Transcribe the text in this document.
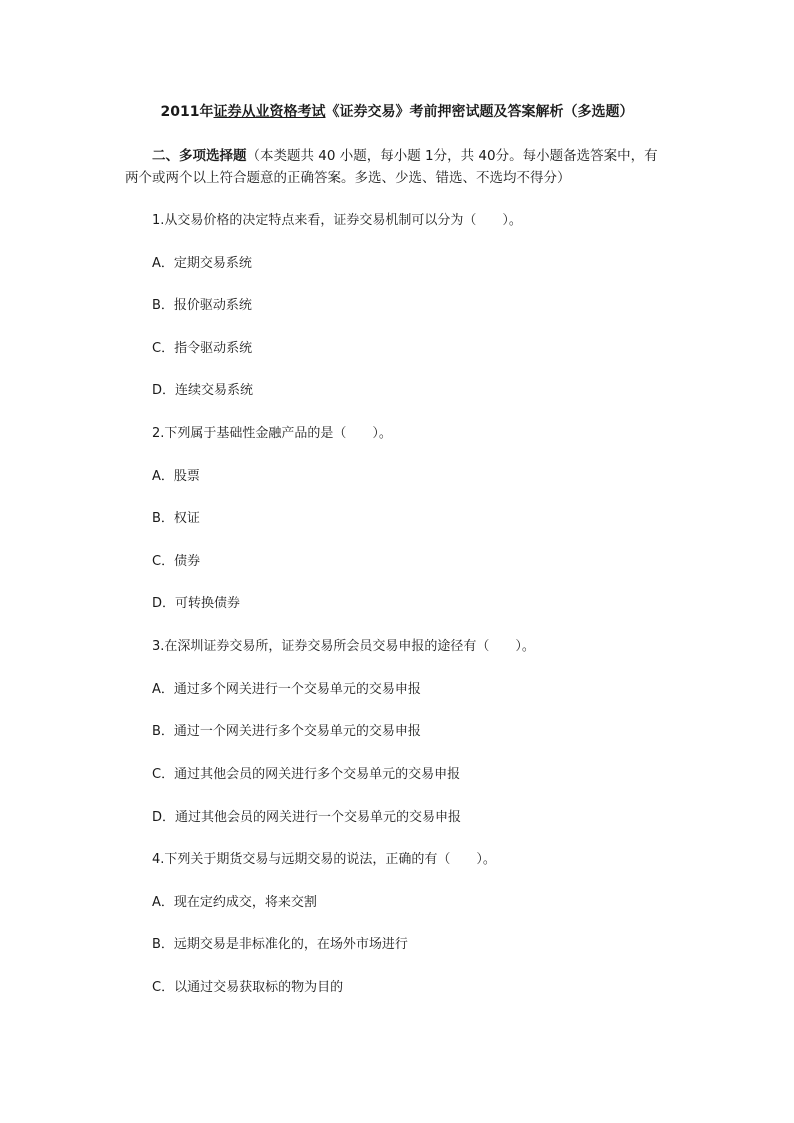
2011年证券从业资格考试《证券交易》考前押密试题及答案解析（多选题）
二、多项选择题（本类题共 40 小题，每小题 1分，共 40分。每小题备选答案中，有
两个或两个以上符合题意的正确答案。多选、少选、错选、不选均不得分）
1.从交易价格的决定特点来看，证券交易机制可以分为（　　）。
A．定期交易系统
B．报价驱动系统
C．指令驱动系统
D．连续交易系统
2.下列属于基础性金融产品的是（　　）。
A．股票
B．权证
C．债券
D．可转换债券
3.在深圳证券交易所，证券交易所会员交易申报的途径有（　　）。
A．通过多个网关进行一个交易单元的交易申报
B．通过一个网关进行多个交易单元的交易申报
C．通过其他会员的网关进行多个交易单元的交易申报
D．通过其他会员的网关进行一个交易单元的交易申报
4.下列关于期货交易与远期交易的说法，正确的有（　　）。
A．现在定约成交，将来交割
B．远期交易是非标准化的，在场外市场进行
C．以通过交易获取标的物为目的
